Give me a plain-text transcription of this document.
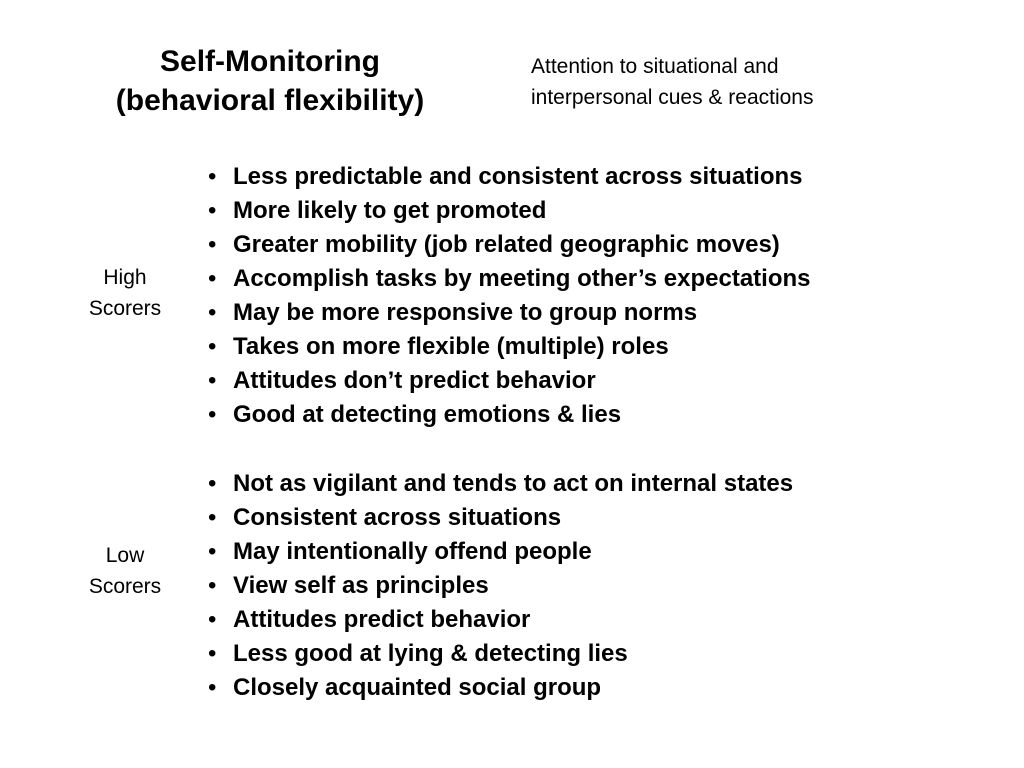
Self-Monitoring
(behavioral flexibility)
Attention to situational and
interpersonal cues & reactions
High
Scorers
• Less predictable and consistent across situations
• More likely to get promoted
• Greater mobility (job related geographic moves)
• Accomplish tasks by meeting other’s expectations
• May be more responsive to group norms
• Takes on more flexible (multiple) roles
• Attitudes don’t predict behavior
• Good at detecting emotions & lies
Low
Scorers
• Not as vigilant and tends to act on internal states
• Consistent across situations
• May intentionally offend people
• View self as principles
• Attitudes predict behavior
• Less good at lying & detecting lies
• Closely acquainted social group
